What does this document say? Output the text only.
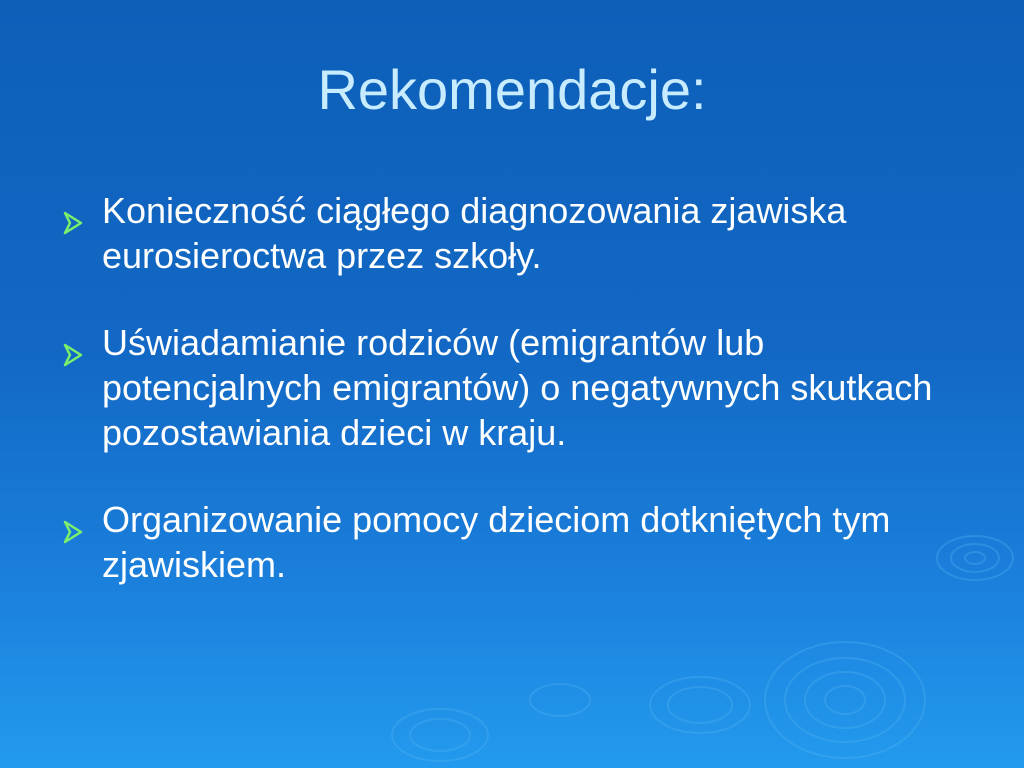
Rekomendacje:
Konieczność ciągłego diagnozowania zjawiska eurosieroctwa przez szkoły.
Uświadamianie rodziców (emigrantów lub potencjalnych emigrantów) o negatywnych skutkach pozostawiania dzieci w kraju.
Organizowanie pomocy dzieciom dotkniętych tym zjawiskiem.
